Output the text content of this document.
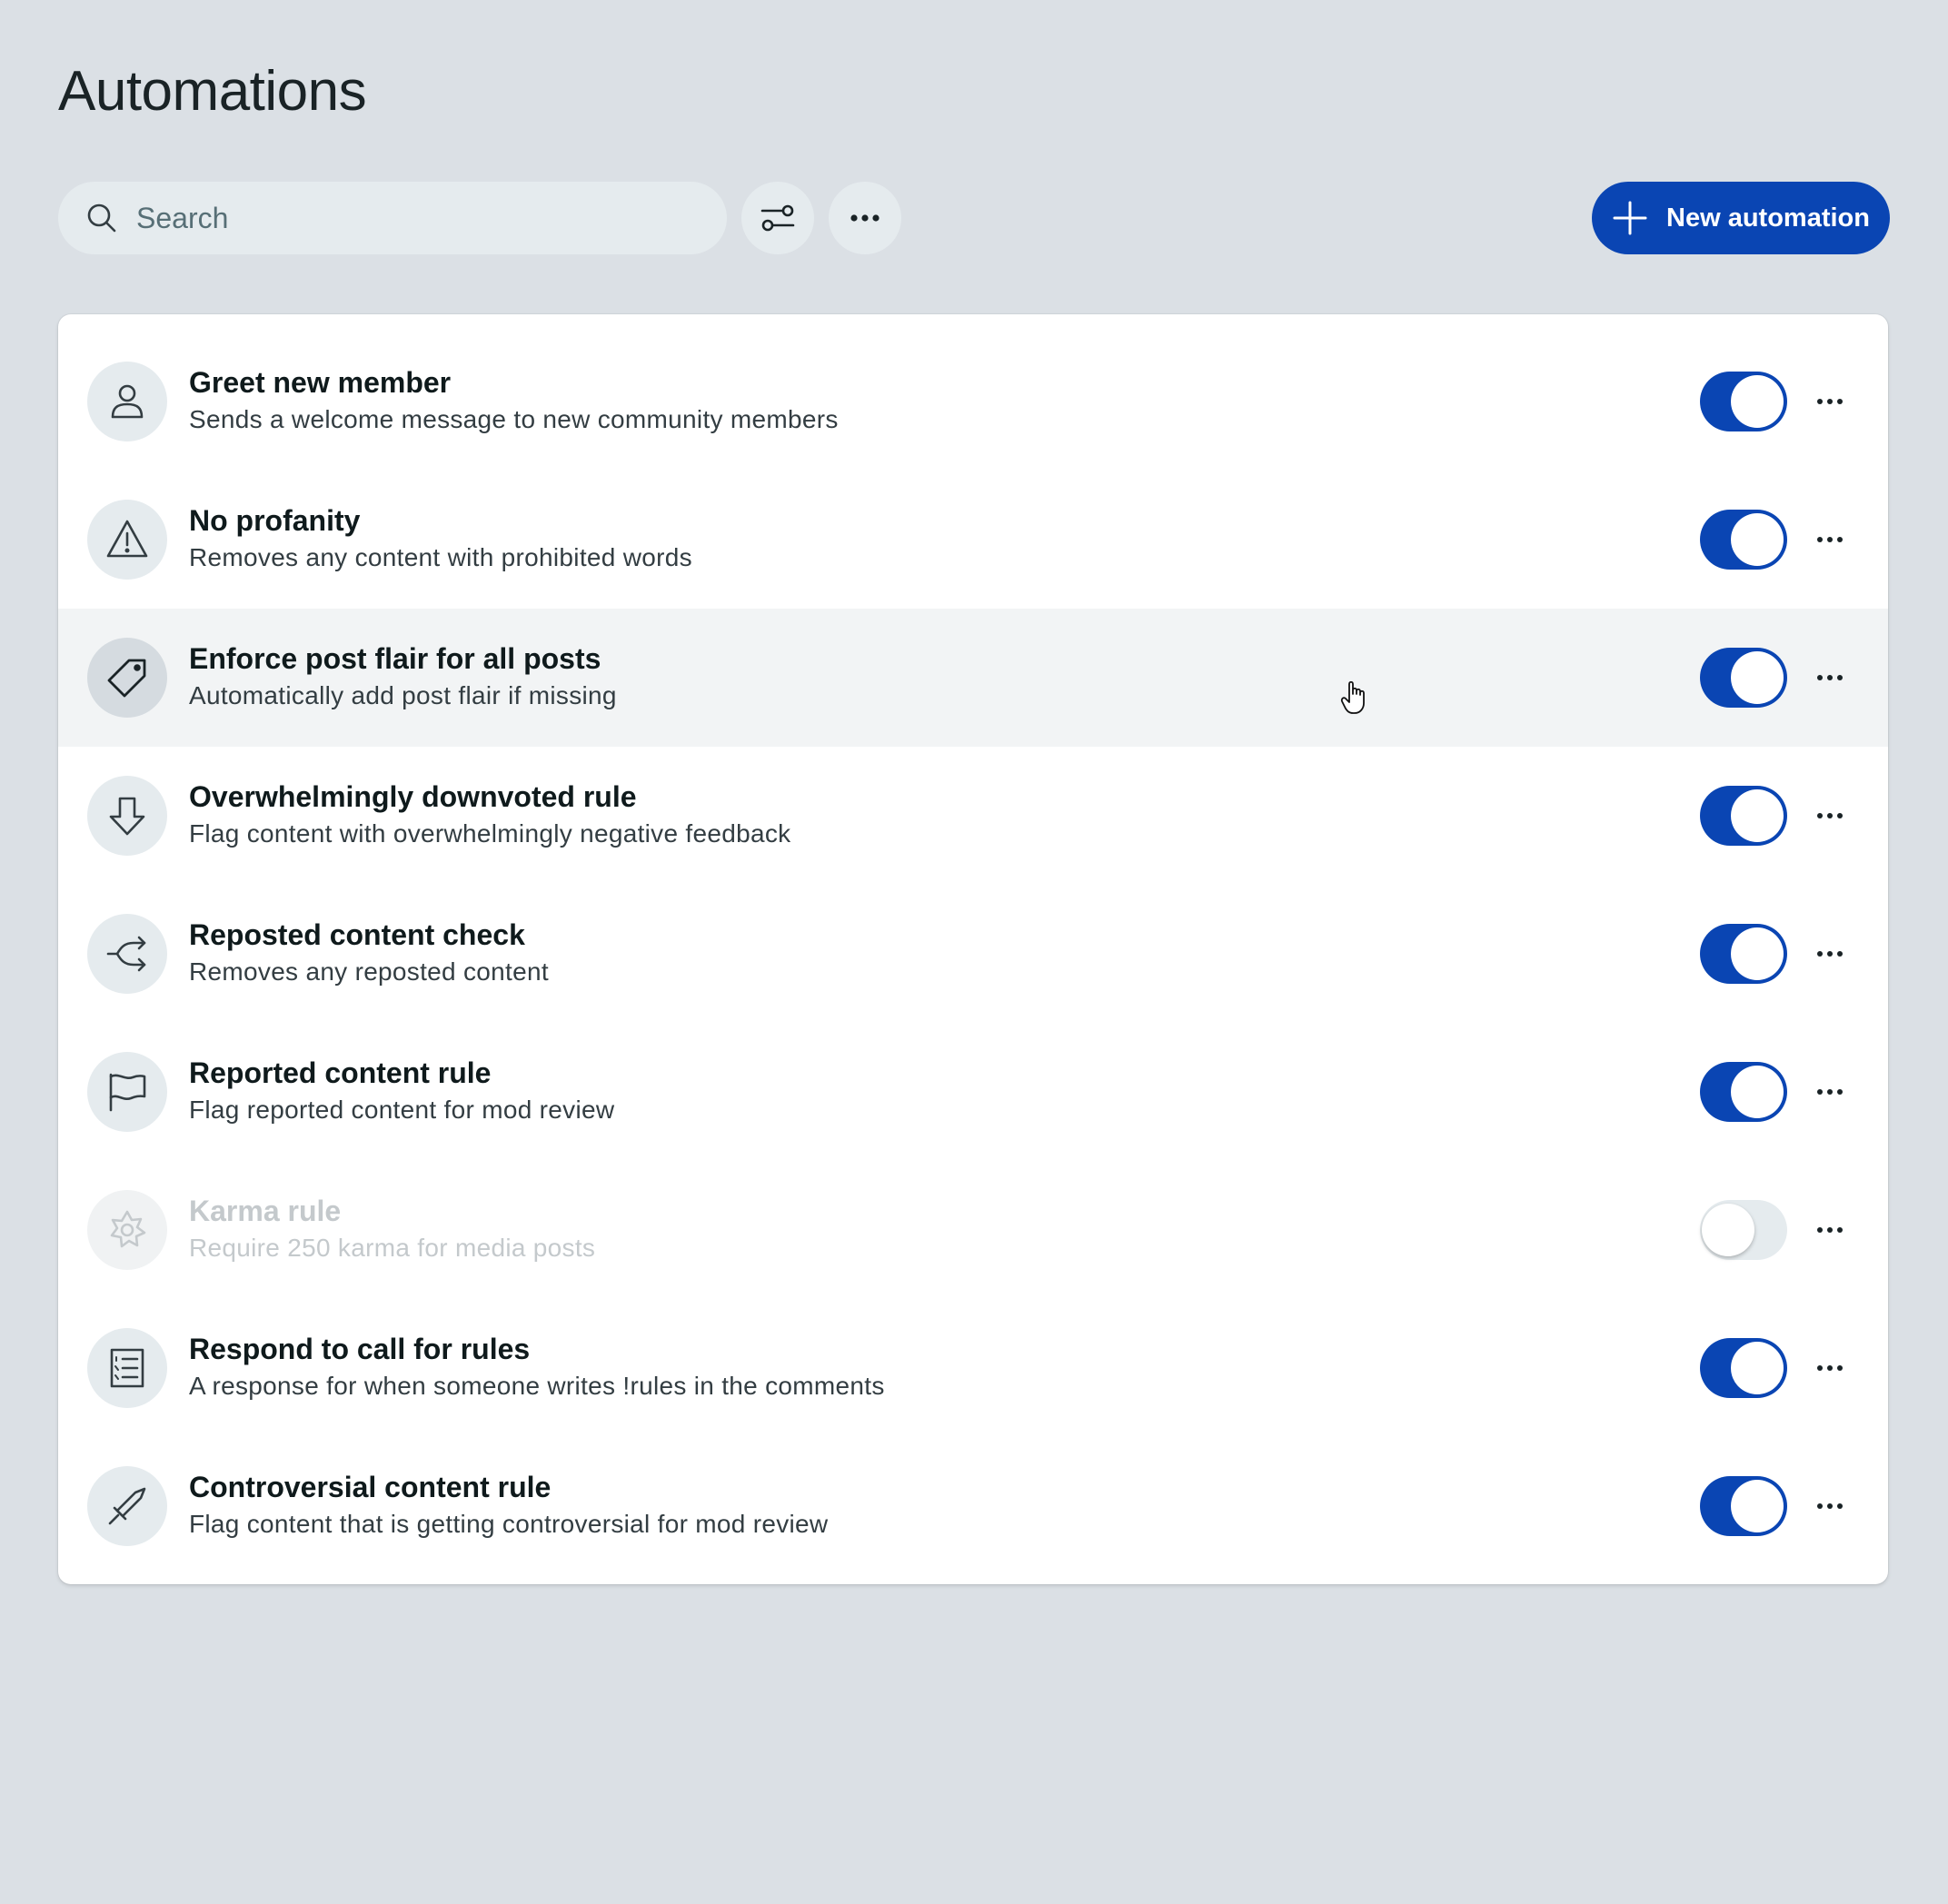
Automations
Search
New automation
Greet new member
Sends a welcome message to new community members
No profanity
Removes any content with prohibited words
Enforce post flair for all posts
Automatically add post flair if missing
Overwhelmingly downvoted rule
Flag content with overwhelmingly negative feedback
Reposted content check
Removes any reposted content
Reported content rule
Flag reported content for mod review
Karma rule
Require 250 karma for media posts
Respond to call for rules
A response for when someone writes !rules in the comments
Controversial content rule
Flag content that is getting controversial for mod review
